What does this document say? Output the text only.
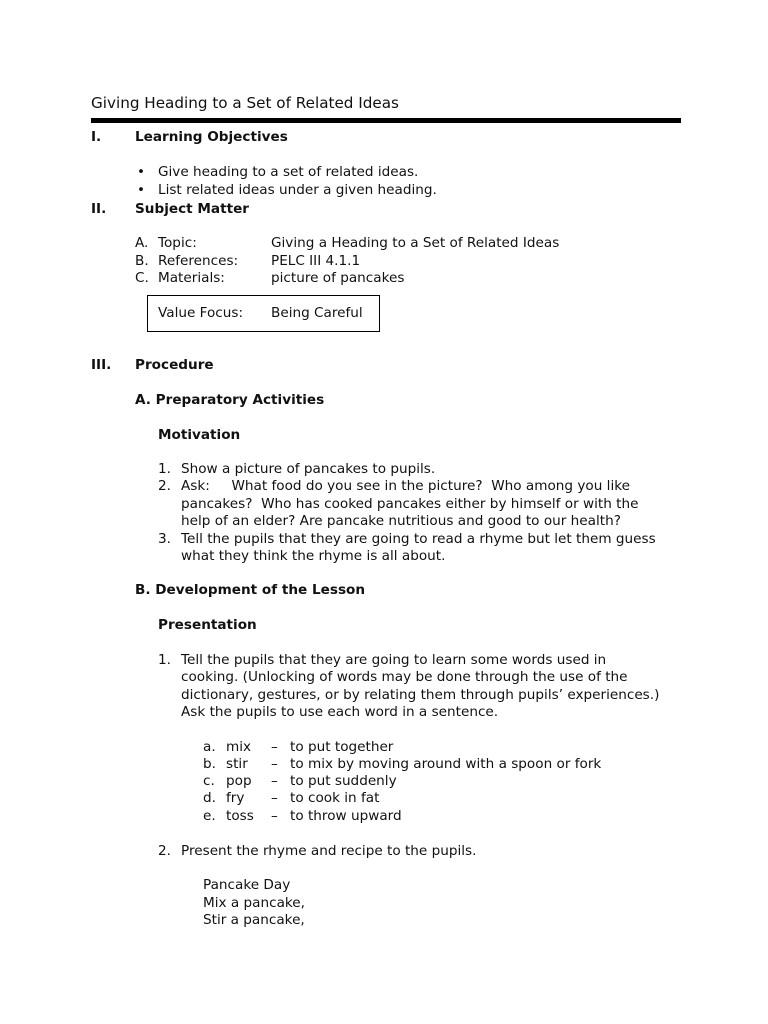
Giving Heading to a Set of Related Ideas
I. Learning Objectives
• Give heading to a set of related ideas.
• List related ideas under a given heading.
II. Subject Matter
A. Topic:	Giving a Heading to a Set of Related Ideas
B. References: PELC III 4.1.1
C. Materials:	picture of pancakes
Value Focus: Being Careful
III. Procedure
A. Preparatory Activities
Motivation
1. Show a picture of pancakes to pupils.
2. Ask:     What food do you see in the picture?  Who among you like
pancakes?  Who has cooked pancakes either by himself or with the
help of an elder? Are pancake nutritious and good to our health?
3. Tell the pupils that they are going to read a rhyme but let them guess
what they think the rhyme is all about.
B. Development of the Lesson
Presentation
1. Tell the pupils that they are going to learn some words used in
cooking. (Unlocking of words may be done through the use of the
dictionary, gestures, or by relating them through pupils’ experiences.)
Ask the pupils to use each word in a sentence.
a. mix – to put together
b. stir – to mix by moving around with a spoon or fork
c. pop – to put suddenly
d. fry – to cook in fat
e. toss – to throw upward
2. Present the rhyme and recipe to the pupils.
Pancake Day
Mix a pancake,
Stir a pancake,
